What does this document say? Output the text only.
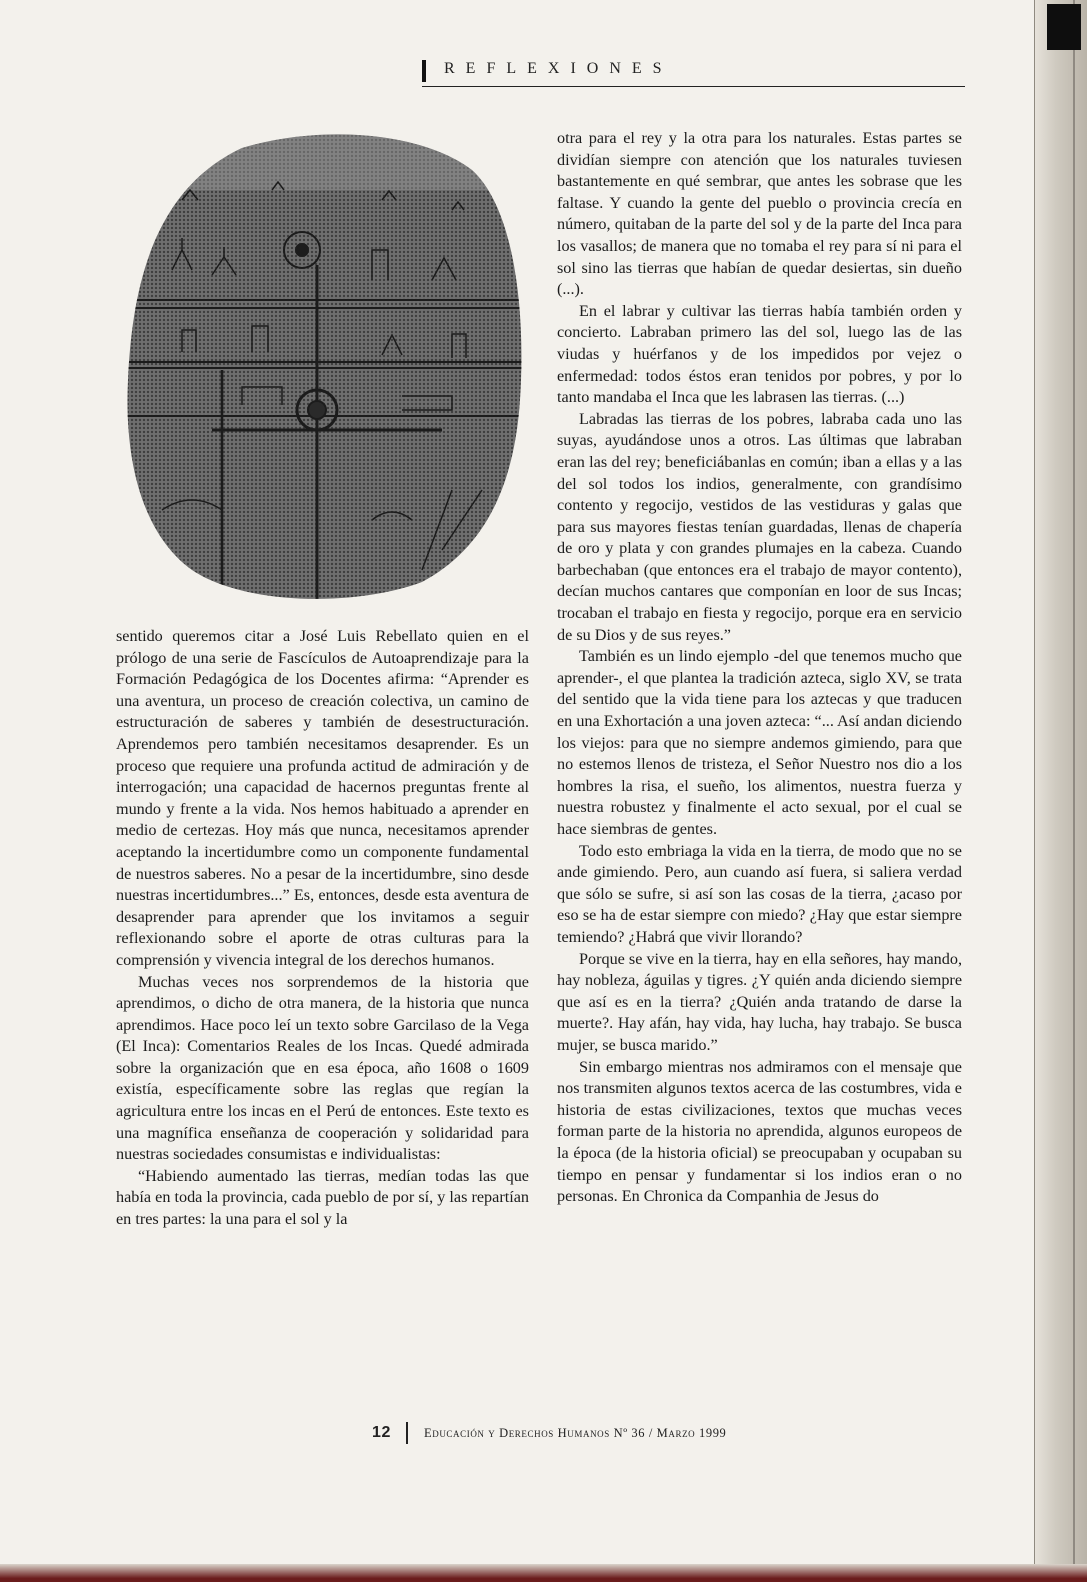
REFLEXIONES

sentido queremos citar a José Luis Rebellato quien en el prólogo de una serie de Fascículos de Autoaprendizaje para la Formación Pedagógica de los Docentes afirma: “Aprender es una aventura, un proceso de creación colectiva, un camino de estructuración de saberes y también de desestructuración. Aprendemos pero también necesitamos desaprender. Es un proceso que requiere una profunda actitud de admiración y de interrogación; una capacidad de hacernos preguntas frente al mundo y frente a la vida. Nos hemos habituado a aprender en medio de certezas. Hoy más que nunca, necesitamos aprender aceptando la incertidumbre como un componente fundamental de nuestros saberes. No a pesar de la incertidumbre, sino desde nuestras incertidumbres...” Es, entonces, desde esta aventura de desaprender para aprender que los invitamos a seguir reflexionando sobre el aporte de otras culturas para la comprensión y vivencia integral de los derechos humanos.

Muchas veces nos sorprendemos de la historia que aprendimos, o dicho de otra manera, de la historia que nunca aprendimos. Hace poco leí un texto sobre Garcilaso de la Vega (El Inca): Comentarios Reales de los Incas. Quedé admirada sobre la organización que en esa época, año 1608 o 1609 existía, específicamente sobre las reglas que regían la agricultura entre los incas en el Perú de entonces. Este texto es una magnífica enseñanza de cooperación y solidaridad para nuestras sociedades consumistas e individualistas:

“Habiendo aumentado las tierras, medían todas las que había en toda la provincia, cada pueblo de por sí, y las repartían en tres partes: la una para el sol y la

otra para el rey y la otra para los naturales. Estas partes se dividían siempre con atención que los naturales tuviesen bastantemente en qué sembrar, que antes les sobrase que les faltase. Y cuando la gente del pueblo o provincia crecía en número, quitaban de la parte del sol y de la parte del Inca para los vasallos; de manera que no tomaba el rey para sí ni para el sol sino las tierras que habían de quedar desiertas, sin dueño (...).

En el labrar y cultivar las tierras había también orden y concierto. Labraban primero las del sol, luego las de las viudas y huérfanos y de los impedidos por vejez o enfermedad: todos éstos eran tenidos por pobres, y por lo tanto mandaba el Inca que les labrasen las tierras. (...)

Labradas las tierras de los pobres, labraba cada uno las suyas, ayudándose unos a otros. Las últimas que labraban eran las del rey; beneficiábanlas en común; iban a ellas y a las del sol todos los indios, generalmente, con grandísimo contento y regocijo, vestidos de las vestiduras y galas que para sus mayores fiestas tenían guardadas, llenas de chapería de oro y plata y con grandes plumajes en la cabeza. Cuando barbechaban (que entonces era el trabajo de mayor contento), decían muchos cantares que componían en loor de sus Incas; trocaban el trabajo en fiesta y regocijo, porque era en servicio de su Dios y de sus reyes.”

También es un lindo ejemplo -del que tenemos mucho que aprender-, el que plantea la tradición azteca, siglo XV, se trata del sentido que la vida tiene para los aztecas y que traducen en una Exhortación a una joven azteca: “... Así andan diciendo los viejos: para que no siempre andemos gimiendo, para que no estemos llenos de tristeza, el Señor Nuestro nos dio a los hombres la risa, el sueño, los alimentos, nuestra fuerza y nuestra robustez y finalmente el acto sexual, por el cual se hace siembras de gentes.

Todo esto embriaga la vida en la tierra, de modo que no se ande gimiendo. Pero, aun cuando así fuera, si saliera verdad que sólo se sufre, si así son las cosas de la tierra, ¿acaso por eso se ha de estar siempre con miedo? ¿Hay que estar siempre temiendo? ¿Habrá que vivir llorando?

Porque se vive en la tierra, hay en ella señores, hay mando, hay nobleza, águilas y tigres. ¿Y quién anda diciendo siempre que así es en la tierra? ¿Quién anda tratando de darse la muerte?. Hay afán, hay vida, hay lucha, hay trabajo. Se busca mujer, se busca marido.”

Sin embargo mientras nos admiramos con el mensaje que nos transmiten algunos textos acerca de las costumbres, vida e historia de estas civilizaciones, textos que muchas veces forman parte de la historia no aprendida, algunos europeos de la época (de la historia oficial) se preocupaban y ocupaban su tiempo en pensar y fundamentar si los indios eran o no personas. En Chronica da Companhia de Jesus do

12	Educación y Derechos Humanos Nº 36 / Marzo 1999
